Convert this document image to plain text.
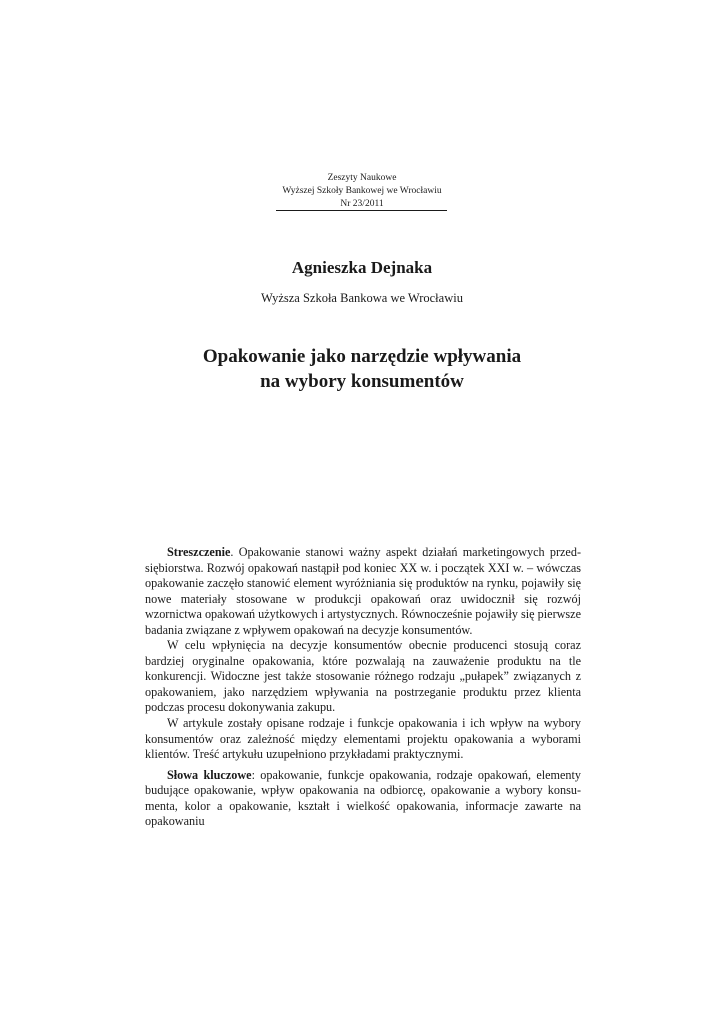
Zeszyty Naukowe
Wyższej Szkoły Bankowej we Wrocławiu
Nr 23/2011
Agnieszka Dejnaka
Wyższa Szkoła Bankowa we Wrocławiu
Opakowanie jako narzędzie wpływania
na wybory konsumentów

Streszczenie. Opakowanie stanowi ważny aspekt działań marketingowych przedsiębiorstwa. Rozwój opakowań nastąpił pod koniec XX w. i początek XXI w. – wówczas opakowanie zaczęło stanowić element wyróżniania się produktów na rynku, pojawiły się nowe materiały stosowane w produkcji opakowań oraz uwidocznił się rozwój wzornictwa opakowań użytkowych i artystycznych. Równocześnie pojawiły się pierwsze badania związane z wpływem opakowań na decyzje konsumentów.

W celu wpłynięcia na decyzje konsumentów obecnie producenci stosują coraz bardziej oryginalne opakowania, które pozwalają na zauważenie produktu na tle konkurencji. Widoczne jest także stosowanie różnego rodzaju „pułapek” związanych z opakowaniem, jako narzędziem wpływania na postrzeganie produktu przez klienta podczas procesu dokonywania zakupu.

W artykule zostały opisane rodzaje i funkcje opakowania i ich wpływ na wybory konsumentów oraz zależność między elementami projektu opakowania a wyborami klientów. Treść artykułu uzupełniono przykładami praktycznymi.

Słowa kluczowe: opakowanie, funkcje opakowania, rodzaje opakowań, elementy budujące opakowanie, wpływ opakowania na odbiorcę, opakowanie a wybory konsumenta, kolor a opakowanie, kształt i wielkość opakowania, informacje zawarte na opakowaniu
